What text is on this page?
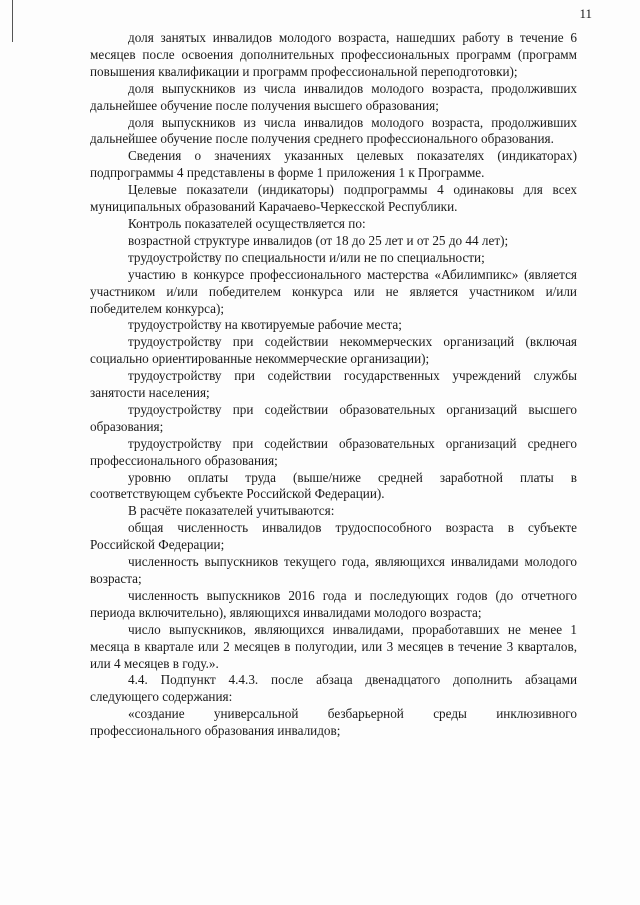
11

доля занятых инвалидов молодого возраста, нашедших работу в течение 6 месяцев после освоения дополнительных профессиональных программ (программ повышения квалификации и программ профессиональной переподготовки);

доля выпускников из числа инвалидов молодого возраста, продолживших дальнейшее обучение после получения высшего образования;

доля выпускников из числа инвалидов молодого возраста, продолживших дальнейшее обучение после получения среднего профессионального образования.

Сведения о значениях указанных целевых показателях (индикаторах) подпрограммы 4 представлены в форме 1 приложения 1 к Программе.

Целевые показатели (индикаторы) подпрограммы 4 одинаковы для всех муниципальных образований Карачаево-Черкесской Республики.

Контроль показателей осуществляется по:

возрастной структуре инвалидов (от 18 до 25 лет и от 25 до 44 лет);

трудоустройству по специальности и/или не по специальности;

участию в конкурсе профессионального мастерства «Абилимпикс» (является участником и/или победителем конкурса или не является участником и/или победителем конкурса);

трудоустройству на квотируемые рабочие места;

трудоустройству при содействии некоммерческих организаций (включая социально ориентированные некоммерческие организации);

трудоустройству при содействии государственных учреждений службы занятости населения;

трудоустройству при содействии образовательных организаций высшего образования;

трудоустройству при содействии образовательных организаций среднего профессионального образования;

уровню оплаты труда (выше/ниже средней заработной платы в соответствующем субъекте Российской Федерации).

В расчёте показателей учитываются:

общая численность инвалидов трудоспособного возраста в субъекте Российской Федерации;

численность выпускников текущего года, являющихся инвалидами молодого возраста;

численность выпускников 2016 года и последующих годов (до отчетного периода включительно), являющихся инвалидами молодого возраста;

число выпускников, являющихся инвалидами, проработавших не менее 1 месяца в квартале или 2 месяцев в полугодии, или 3 месяцев в течение 3 кварталов, или 4 месяцев в году.».

4.4. Подпункт 4.4.3. после абзаца двенадцатого дополнить абзацами следующего содержания:

«создание универсальной безбарьерной среды инклюзивного профессионального образования инвалидов;
